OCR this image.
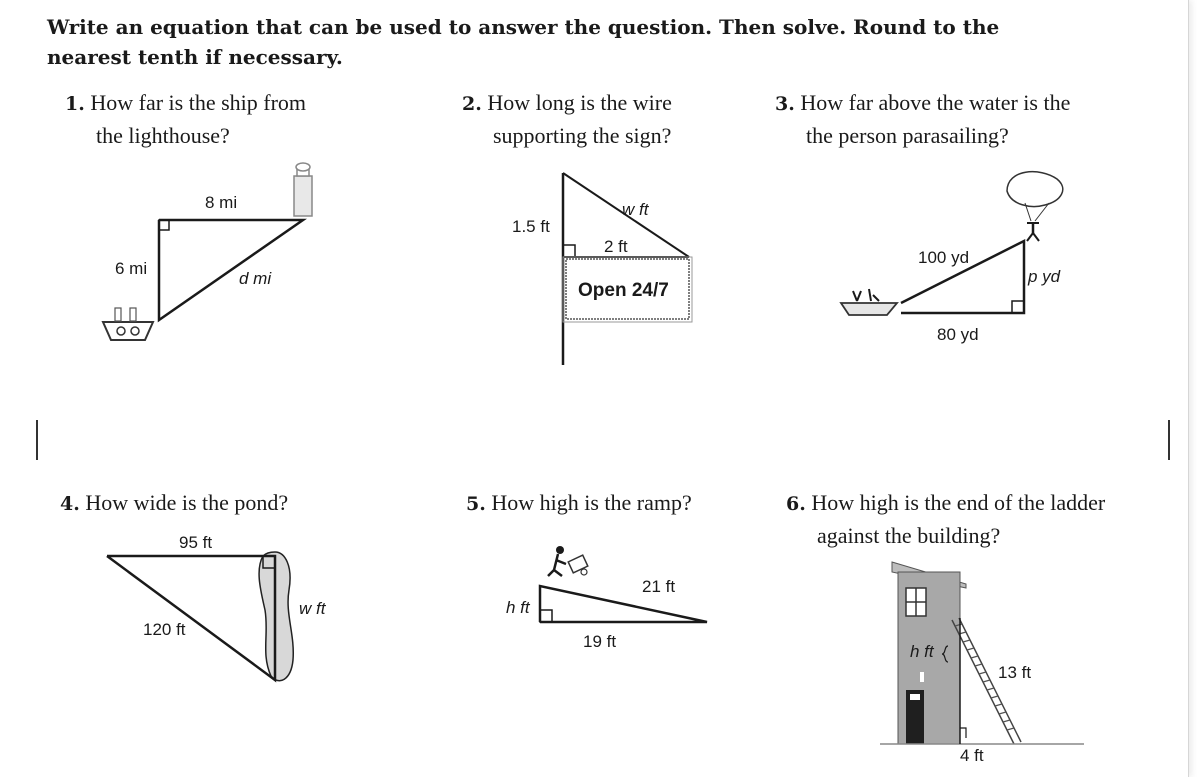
Write an equation that can be used to answer the question. Then solve. Round to the
nearest tenth if necessary.
1. How far is the ship from
the lighthouse?
8 mi
6 mi
d mi
2. How long is the wire
supporting the sign?
Open 24/7
w ft
1.5 ft
2 ft
3. How far above the water is the
the person parasailing?
100 yd
p yd
80 yd
4. How wide is the pond?
95 ft
120 ft
w ft
5. How high is the ramp?
21 ft
h ft
19 ft
6. How high is the end of the ladder
against the building?
h ft
13 ft
4 ft
